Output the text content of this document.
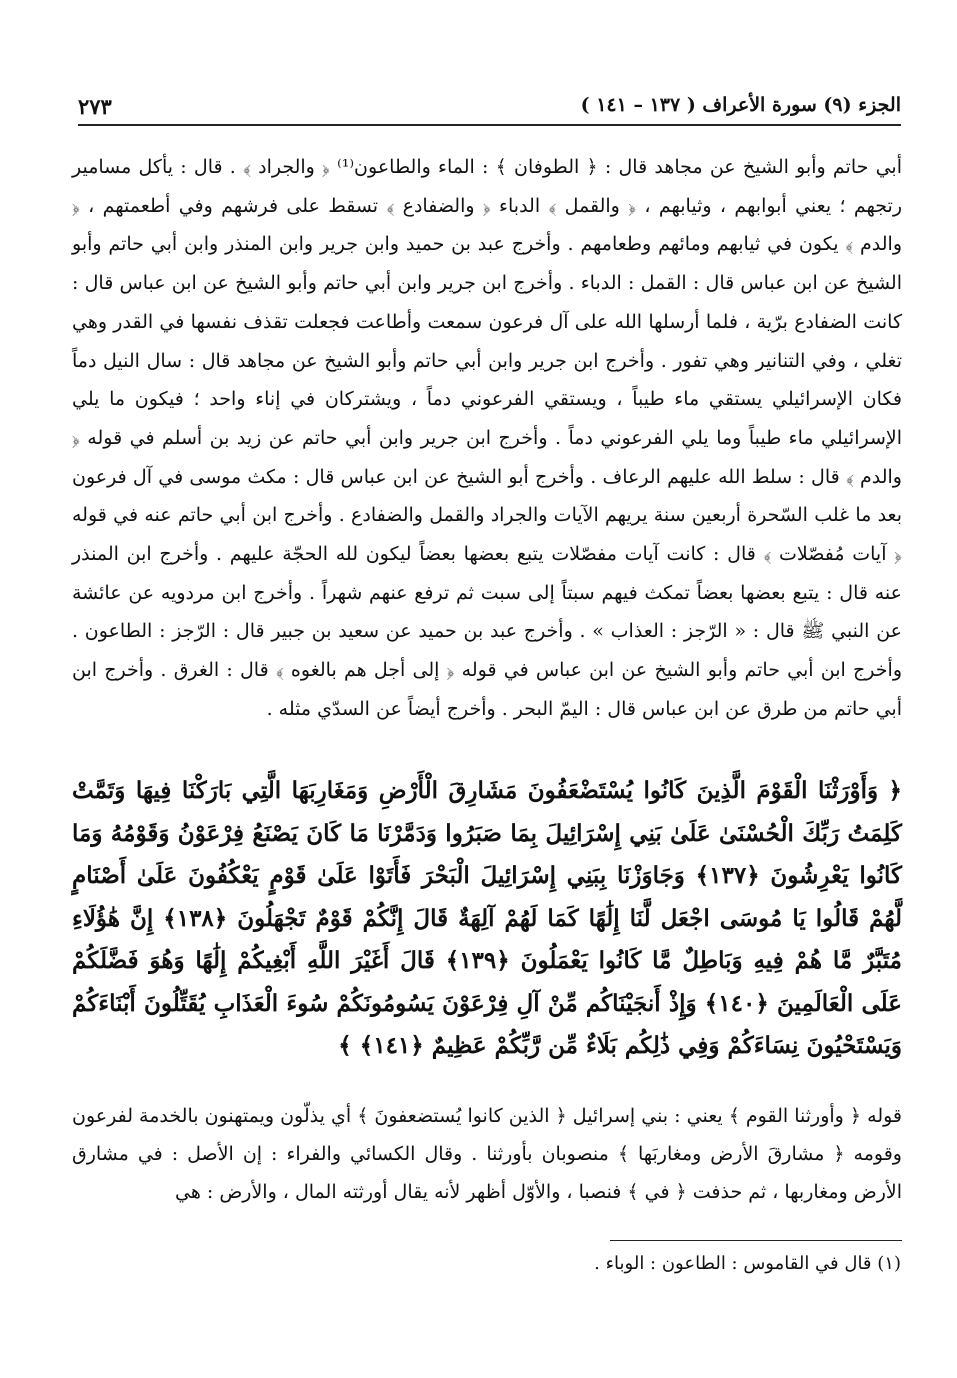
الجزء (٩) سورة الأعراف ( ١٣٧ – ١٤١ )
٢٧٣

أبي حاتم وأبو الشيخ عن مجاهد قال : ﴿ الطوفان ﴾ : الماء والطاعون⁽¹⁾ ﴿ والجراد ﴾ . قال : يأكل مسامير رتجهم ؛ يعني أبوابهم ، وثيابهم ، ﴿ والقمل ﴾ الدباء ﴿ والضفادع ﴾ تسقط على فرشهم وفي أطعمتهم ، ﴿ والدم ﴾ يكون في ثيابهم ومائهم وطعامهم . وأخرج عبد بن حميد وابن جرير وابن المنذر وابن أبي حاتم وأبو الشيخ عن ابن عباس قال : القمل : الدباء . وأخرج ابن جرير وابن أبي حاتم وأبو الشيخ عن ابن عباس قال : كانت الضفادع برّية ، فلما أرسلها الله على آل فرعون سمعت وأطاعت فجعلت تقذف نفسها في القدر وهي تغلي ، وفي التنانير وهي تفور . وأخرج ابن جرير وابن أبي حاتم وأبو الشيخ عن مجاهد قال : سال النيل دماً فكان الإسرائيلي يستقي ماء طيباً ، ويستقي الفرعوني دماً ، ويشتركان في إناء واحد ؛ فيكون ما يلي الإسرائيلي ماء طيباً وما يلي الفرعوني دماً . وأخرج ابن جرير وابن أبي حاتم عن زيد بن أسلم في قوله ﴿ والدم ﴾ قال : سلط الله عليهم الرعاف . وأخرج أبو الشيخ عن ابن عباس قال : مكث موسى في آل فرعون بعد ما غلب السّحرة أربعين سنة يريهم الآيات والجراد والقمل والضفادع . وأخرج ابن أبي حاتم عنه في قوله ﴿ آيات مُفصّلات ﴾ قال : كانت آيات مفصّلات يتبع بعضها بعضاً ليكون لله الحجّة عليهم . وأخرج ابن المنذر عنه قال : يتبع بعضها بعضاً تمكث فيهم سبتاً إلى سبت ثم ترفع عنهم شهراً . وأخرج ابن مردويه عن عائشة عن النبي ﷺ قال : « الرّجز : العذاب » . وأخرج عبد بن حميد عن سعيد بن جبير قال : الرّجز : الطاعون . وأخرج ابن أبي حاتم وأبو الشيخ عن ابن عباس في قوله ﴿ إلى أجل هم بالغوه ﴾ قال : الغرق . وأخرج ابن أبي حاتم من طرق عن ابن عباس قال : اليمّ البحر . وأخرج أيضاً عن السدّي مثله .

﴿ وَأَوْرَثْنَا الْقَوْمَ الَّذِينَ كَانُوا يُسْتَضْعَفُونَ مَشَارِقَ الْأَرْضِ وَمَغَارِبَهَا الَّتِي بَارَكْنَا فِيهَا وَتَمَّتْ كَلِمَتُ رَبِّكَ الْحُسْنَىٰ عَلَىٰ بَنِي إِسْرَائِيلَ بِمَا صَبَرُوا وَدَمَّرْنَا مَا كَانَ يَصْنَعُ فِرْعَوْنُ وَقَوْمُهُ وَمَا كَانُوا يَعْرِشُونَ ﴿١٣٧﴾ وَجَاوَزْنَا بِبَنِي إِسْرَائِيلَ الْبَحْرَ فَأَتَوْا عَلَىٰ قَوْمٍ يَعْكُفُونَ عَلَىٰ أَصْنَامٍ لَّهُمْ قَالُوا يَا مُوسَى اجْعَل لَّنَا إِلَٰهًا كَمَا لَهُمْ آلِهَةٌ قَالَ إِنَّكُمْ قَوْمٌ تَجْهَلُونَ ﴿١٣٨﴾ إِنَّ هَٰؤُلَاءِ مُتَبَّرٌ مَّا هُمْ فِيهِ وَبَاطِلٌ مَّا كَانُوا يَعْمَلُونَ ﴿١٣٩﴾ قَالَ أَغَيْرَ اللَّهِ أَبْغِيكُمْ إِلَٰهًا وَهُوَ فَضَّلَكُمْ عَلَى الْعَالَمِينَ ﴿١٤٠﴾ وَإِذْ أَنجَيْنَاكُم مِّنْ آلِ فِرْعَوْنَ يَسُومُونَكُمْ سُوءَ الْعَذَابِ يُقَتِّلُونَ أَبْنَاءَكُمْ وَيَسْتَحْيُونَ نِسَاءَكُمْ وَفِي ذَٰلِكُم بَلَاءٌ مِّن رَّبِّكُمْ عَظِيمٌ ﴿١٤١﴾ ﴾

قوله ﴿ وأورثنا القوم ﴾ يعني : بني إسرائيل ﴿ الذين كانوا يُستضعفونَ ﴾ أي يذلّون ويمتهنون بالخدمة لفرعون وقومه ﴿ مشارقَ الأرض ومغاربَها ﴾ منصوبان بأورثنا . وقال الكسائي والفراء : إن الأصل : في مشارق الأرض ومغاربها ، ثم حذفت ﴿ في ﴾ فنصبا ، والأوّل أظهر لأنه يقال أورثته المال ، والأرض : هي

(١) قال في القاموس : الطاعون : الوباء .
